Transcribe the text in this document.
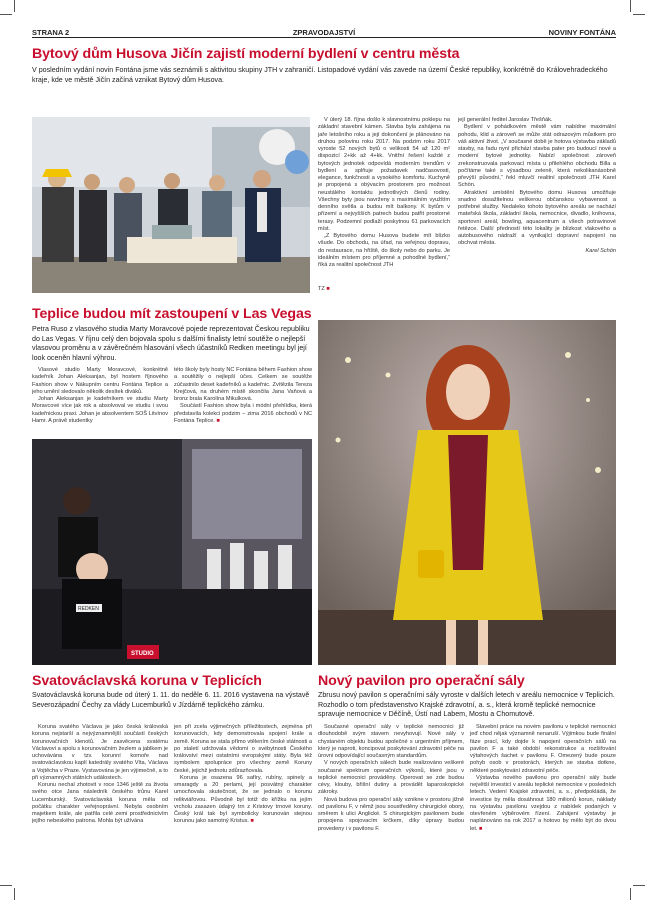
STRANA 2	ZPRAVODAJSTVÍ	NOVINY FONTÁNA
Bytový dům Husova Jičín zajistí moderní bydlení v centru města
V posledním vydání novin Fontána jsme vás seznámili s aktivitou skupiny JTH v zahraničí. Listopadové vydání vás zavede na území České republiky, konkrétně do Královehradeckého kraje, kde ve městě Jičín začíná vznikat Bytový dům Husova.

V úterý 18. října došlo k slavnostnímu poklepu na základní stavební kámen. Stavba byla zahájena na jaře letošního roku a její dokončení je plánováno na druhou polovinu roku 2017. Na podzim roku 2017 vyroste 52 nových bytů o velikosti 54 až 120 m² dispozicí 2+kk až 4+kk. Vnitřní řešení každé z bytových jednotek odpovídá moderním trendům v bydlení a splňuje požadavek nadčasovosti, elegance, funkčnosti a vysokého komfortu. Kuchyně je propojená s obývacím prostorem pro možnost neustálého kontaktu jednotlivých členů rodiny. Všechny byty jsou navrženy s maximálním využitím denního světla a budou mít balkony. K bytům v přízemí a nejvyšších patrech budou patřit prostorné terasy. Podzemní podlaží poskytnou 61 parkovacích míst.

„Z Bytového domu Husova budete mít blízko všude. Do obchodu, na úřad, na veřejnou dopravu, do restaurace, na hřiště, do školy nebo do parku. Je ideálním místem pro příjemné a pohodlné bydlení,“ říká za realitní společnost JTH

její generální ředitel Jaroslav Třešňák.

Bydlení v pohádkovém městě vám nabídne maximální pohodu, klid a zároveň se může stát odrazovým můstkem pro váš aktivní život. „V současné době je hotova výstavba základů stavby, na řadu nyní přichází stavba pater pro budoucí nové a moderní bytové jednotky. Nabízí společnost zároveň zrekonstruovala parkovací místa u přilehlého obchodu Billa a počítáme také s výsadbou zeleně, která nekolikanásobně převýší původní,“ řekl mluvčí realitní společnosti JTH Karel Schön.

Atraktivní umístění Bytového domu Husova umožňuje snadno dosažitelnou veškerou občanskou vybavenost a potřebné služby. Nedaleko tohoto bytového areálu se nachází mateřská škola, základní škola, nemocnice, divadlo, knihovna, sportovní areál, bowling, aquacentrum a všech potravinové řetězce. Další předností této lokality je blízkost vlakového a autobusového nádraží a vynikající dopravní napojení na obchvat města.

Karel Schön

TZ ■
Teplice budou mít zastoupení v Las Vegas
Petra Ruso z vlasového studia Marty Moravcové pojede reprezentovat Českou republiku do Las Vegas. V říjnu celý den bojovala spolu s dalšími finalisty letní soutěže o nejlepší vlasovou proměnu a v závěrečném hlasování všech účastníků Redken meetingu byl její look oceněn hlavní výhrou.

Vlasové studio Marty Moravcové, konkrétně kadeřník Johan Aleksanjan, byl hostem říjnového Fashion show v Nákupním centru Fontána Teplice a jeho umění sledovalo několik desítek diváků.

Johan Aleksanjan je kadeřníkem ve studiu Marty Moravcové více jak rok a absolvoval ve studiu i svou kadeřnickou praxi. Johan je absolventem SOŠ Litvínov Hamr. A právě studentky

této školy byly hosty NC Fontána během Fashion show a soutěžily o nejlepší účes. Celkem se soutěže zúčastnilo deset kadeřníků a kadeřnic. Zvítězila Tereza Krejčová, na druhém místě skončila Jana Vaňová a bronz brala Karolína Mikulková.

Součástí Fashion show byla i módní přehlídka, která představila kolekci podzim – zima 2016 obchodů v NC Fontána Teplice. ■

REDKEN
STUDIO
Svatováclavská koruna v Teplicích
Svatováclavská koruna bude od úterý 1. 11. do neděle 6. 11. 2016 vystavena na výstavě Severozápadní Čechy za vlády Lucemburků v Jízdárně teplického zámku.

Koruna svatého Václava je jako česká královská koruna nejstarší a nejvýznamnější součástí českých korunovačních klenotů. Je zasvěcena svatému Václavovi a spolu s korunovačním žezlem a jablkem je uchovávána v tzv. korunní komoře nad svatováclavskou kaplí katedrály svatého Víta, Václava a Vojtěcha v Praze. Vystavována je jen výjimečně, a to při významných státních událostech.

Korunu nechal zhotovit v roce 1346 ještě za života svého otce Jana následník českého trůnu Karel Lucemburský. Svatováclavská koruna měla od počátku charakter veřejnoprávní. Nebyla osobním majetkem krále, ale patřila celé zemi prostřednictvím jejího nebeského patrona. Mohla být užívána

jen při zcela výjimečných příležitostech, zejména při korunovacích, kdy demonstrovala spojení krále a země. Koruna se stala přímo vtělením české státnosti a po staletí udržovala vědomí o svébytnosti Českého království mezi ostatními evropskými státy. Byla též symbolem spolupráce pro všechny země Koruny české, jejichž jednotu zdůrazňovala.

Koruna je osazena 96 safíry, rubíny, spinely a smaragdy a 20 perlami, její posvátný charakter umocňovala skutečnost, že se jednalo o korunu relikviářovou. Původně byl totiž do křížku na jejím vrcholu zasazen údajný trn z Kristovy trnové koruny. Český král tak byl symbolicky korunován stejnou korunou jako samotný Kristus. ■

Nový pavilon pro operační sály
Zbrusu nový pavilon s operačními sály vyroste v dalších letech v areálu nemocnice v Teplicích. Rozhodlo o tom představenstvo Krajské zdravotní, a. s., která kromě teplické nemocnice spravuje nemocnice v Děčíně, Ústí nad Labem, Mostu a Chomutově.

Současné operační sály v teplické nemocnici již dlouhodobě svým stavem nevyhovují. Nové sály v chystaném objektu budou společné s urgentním příjmem, který je naproti, koncipovat poskytování zdravotní péče na úrovni odpovídající současným standardům.

V nových operačních sálech bude realizováno veškeré současné spektrum operačních výkonů, které jsou v teplické nemocnici prováděny. Operovat se zde budou cévy, klouby, břišní dutiny a provádět laparoskopické zákroky.

Nová budova pro operační sály vznikne v prostoru jižně od pavilonu F, v němž jsou soustředěny chirurgické obory, směrem k ulici Anglické. S chirurgickým pavilonem bude propojena spojovacím krčkem, díky úpravy budou provedeny i v pavilonu F.

Stavební práce na novém pavilonu v teplické nemocnici jeď chod nějak významně nenaruší. Výjimkou bude finální fáze prací, kdy dojde k napojení operačních sálů na pavilon F a také období rekonstrukce a rozšiřování výtahových šachet v pavilonu F. Omezený bude pouze pohyb osob v prostorách, kterých se stavba dotkne, některé poskytování zdravotní péče.

Výstavba nového pavilonu pro operační sály bude největší investicí v areálu teplické nemocnice v posledních letech. Vedení Krajské zdravotní, a. s., předpokládá, že investice by měla dosáhnout 180 milionů korun, náklady na výstavbu pavilonu vzejdou z nabídek podaných v otevřeném výběrovém řízení. Zahájení výstavby je naplánováno na rok 2017 a hotovo by mělo být do dvou let. ■
